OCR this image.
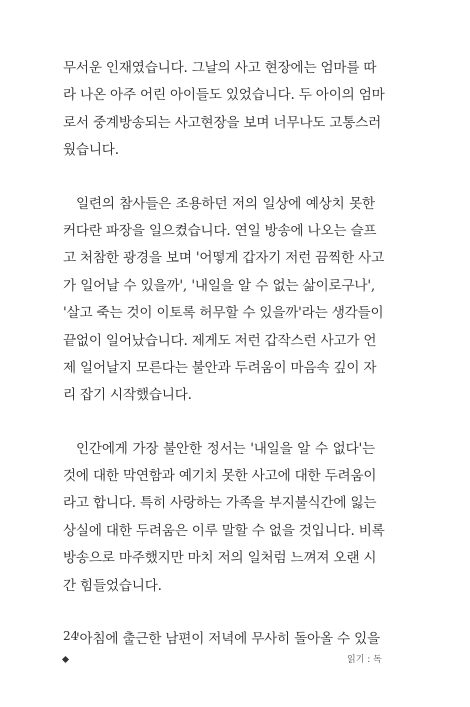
무서운 인재였습니다. 그날의 사고 현장에는 엄마를 따
라 나온 아주 어린 아이들도 있었습니다. 두 아이의 엄마
로서 중계방송되는 사고현장을 보며 너무나도 고통스러
웠습니다.
일련의 참사들은 조용하던 저의 일상에 예상치 못한
커다란 파장을 일으켰습니다. 연일 방송에 나오는 슬프
고 처참한 광경을 보며 '어떻게 갑자기 저런 끔찍한 사고
가 일어날 수 있을까', '내일을 알 수 없는 삶이로구나',
'살고 죽는 것이 이토록 허무할 수 있을까'라는 생각들이
끝없이 일어났습니다. 제게도 저런 갑작스런 사고가 언
제 일어날지 모른다는 불안과 두려움이 마음속 깊이 자
리 잡기 시작했습니다.
인간에게 가장 불안한 정서는 '내일을 알 수 없다'는
것에 대한 막연함과 예기치 못한 사고에 대한 두려움이
라고 합니다. 특히 사랑하는 가족을 부지불식간에 잃는
상실에 대한 두려움은 이루 말할 수 없을 것입니다. 비록
방송으로 마주했지만 마치 저의 일처럼 느껴져 오랜 시
간 힘들었습니다.
'아침에 출근한 남편이 저녁에 무사히 돌아올 수 있을
24
읽기 : 독
